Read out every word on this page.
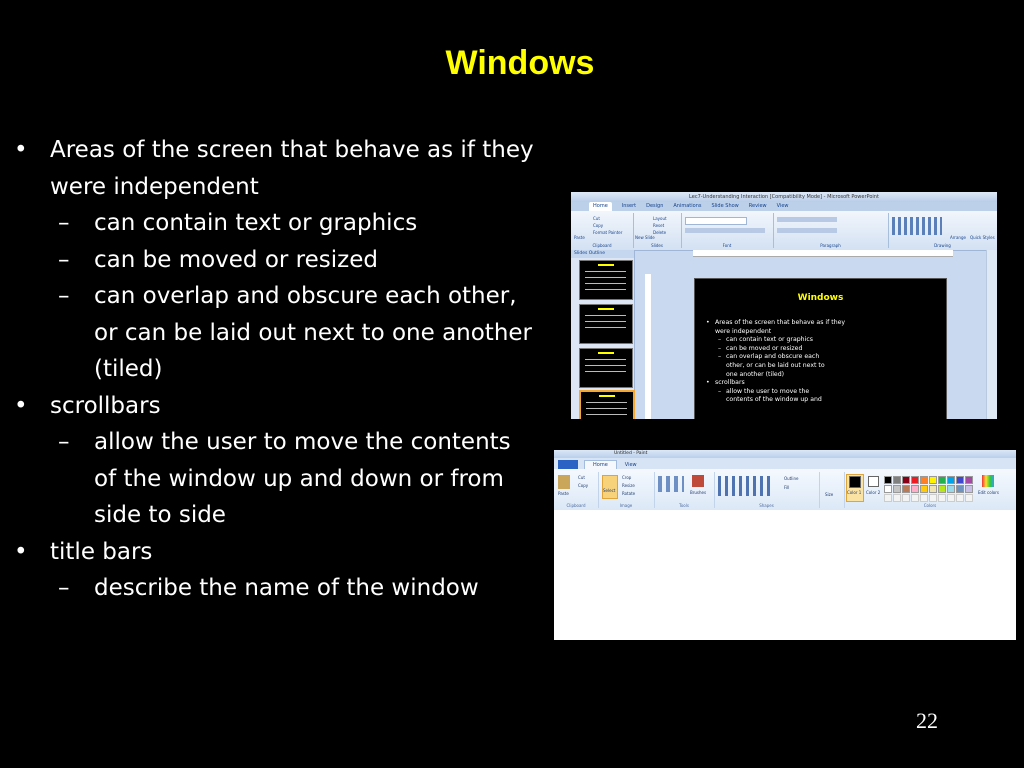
Windows
• Areas of the screen that behave as if they were independent
– can contain text or graphics
– can be moved or resized
– can overlap and obscure each other, or can be laid out next to one another (tiled)
• scrollbars
– allow the user to move the contents of the window up and down or from side to side
• title bars
– describe the name of the window
Lec7-Understanding Interaction [Compatibility Mode] - Microsoft PowerPoint
Home	Insert Design Animations Slide Show Review View
Paste
Cut
Copy
Format Painter
Clipboard
New Slide
Layout
Reset
Delete
Slides	Font	Paragraph
Arrange Quick Styles
Drawing
Slides Outline
Windows
• Areas of the screen that behave as if they were independent
– can contain text or graphics
– can be moved or resized
– can overlap and obscure each other, or can be laid out next to one another (tiled)
• scrollbars
– allow the user to move the contents of the window up and
Untitled - Paint
Home	View
Paste
Cut
Copy
Clipboard
Select
Crop
Resize
Rotate
Image
Brushes
Tools
Outline
Fill
Shapes
Size	Color 1 Color 2	Edit colors
Colors
22
